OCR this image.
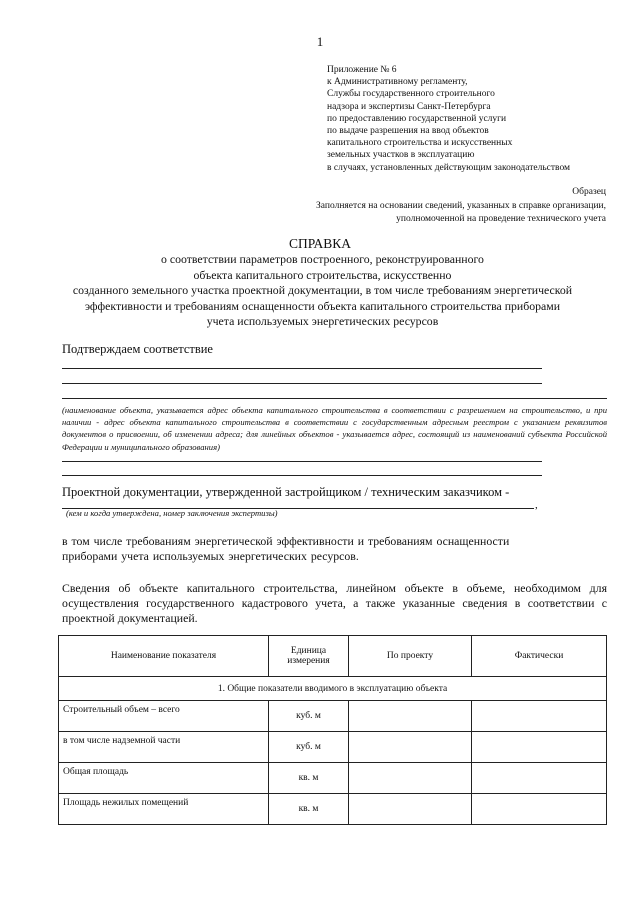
1
Приложение № 6
к Административному регламенту,
Службы государственного строительного
надзора и экспертизы Санкт-Петербурга
по предоставлению государственной услуги
по выдаче разрешения на ввод объектов
капитального строительства и искусственных
земельных участков в эксплуатацию
в случаях, установленных действующим законодательством
Образец
Заполняется на основании сведений, указанных в справке организации,
уполномоченной на проведение технического учета
СПРАВКА
о соответствии параметров построенного, реконструированного
объекта капитального строительства, искусственно
созданного земельного участка проектной документации, в том числе требованиям энергетической
эффективности и требованиям оснащенности объекта капитального строительства приборами
учета используемых энергетических ресурсов
Подтверждаем соответствие
(наименование объекта, указывается адрес объекта капитального строительства в соответствии с разрешением на строительство, и при наличии - адрес объекта капитального строительства в соответствии с государственным адресным реестром с указанием реквизитов документов о присвоении, об изменении адреса; для линейных объектов - указывается адрес, состоящий из наименований субъекта Российской Федерации и муниципального образования)
Проектной документации, утвержденной застройщиком / техническим заказчиком -
,
(кем и когда утверждена, номер заключения экспертизы)
в том числе требованиям энергетической эффективности и требованиям оснащенности приборами учета используемых энергетических ресурсов.
Сведения об объекте капитального строительства, линейном объекте в объеме, необходимом для осуществления государственного кадастрового учета, а также указанные сведения в соответствии с проектной документацией.
Наименование показателя	Единица измерения	По проекту	Фактически
1. Общие показатели вводимого в эксплуатацию объекта			
Строительный объем – всего	куб. м		
в том числе надземной части	куб. м		
Общая площадь	кв. м		
Площадь нежилых помещений	кв. м		
